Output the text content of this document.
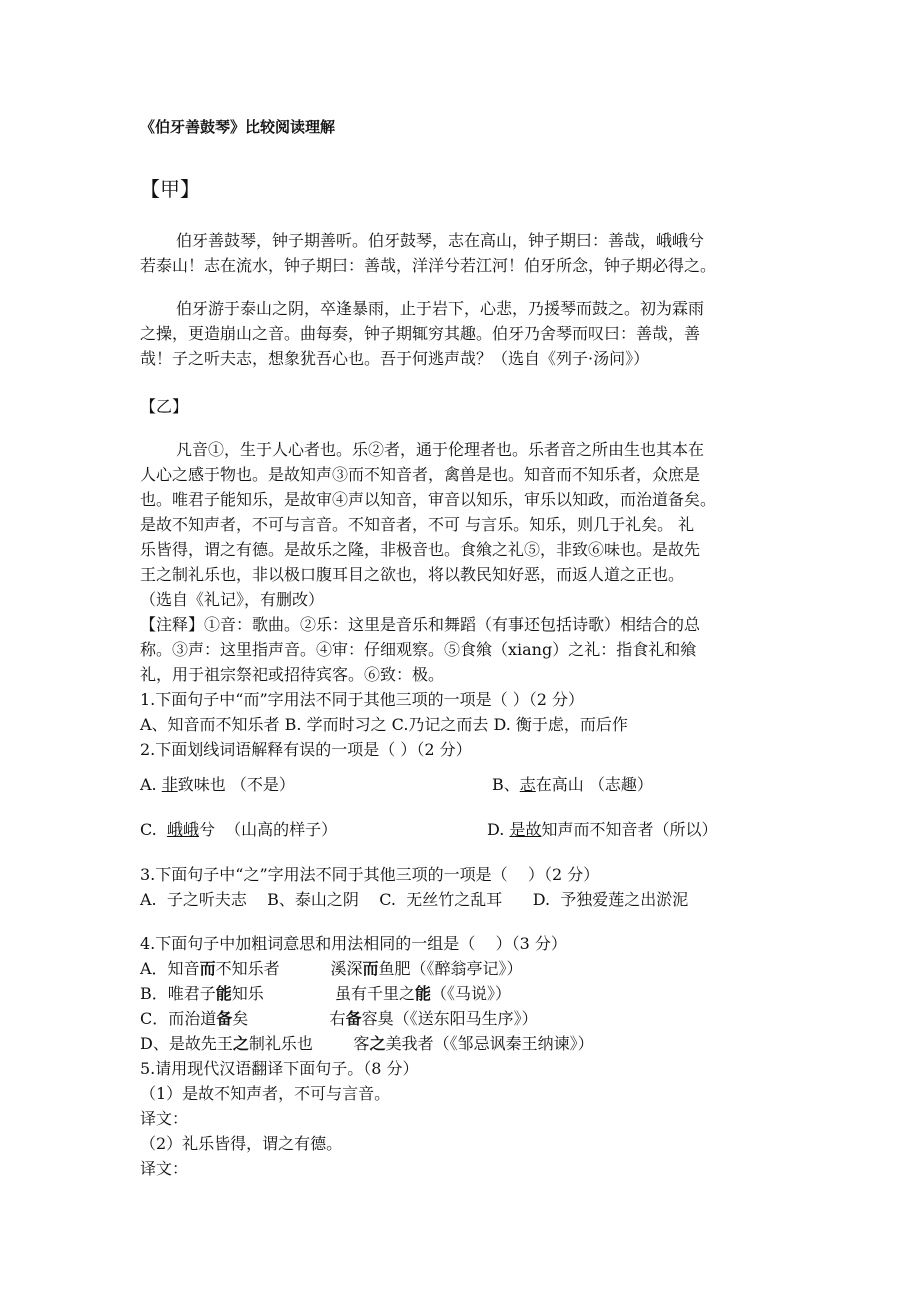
《伯牙善鼓琴》比较阅读理解
【甲】

伯牙善鼓琴，钟子期善听。伯牙鼓琴，志在高山，钟子期曰：善哉，峨峨兮

若泰山！志在流水，钟子期曰：善哉，洋洋兮若江河！伯牙所念，钟子期必得之。

伯牙游于泰山之阴，卒逢暴雨，止于岩下，心悲，乃援琴而鼓之。初为霖雨

之操，更造崩山之音。曲每奏，钟子期辄穷其趣。伯牙乃舍琴而叹曰：善哉，善

哉！子之听夫志，想象犹吾心也。吾于何逃声哉？（选自《列子·汤问》）

【乙】

凡音①，生于人心者也。乐②者，通于伦理者也。乐者音之所由生也其本在

人心之感于物也。是故知声③而不知音者，禽兽是也。知音而不知乐者，众庶是

也。唯君子能知乐，是故审④声以知音，审音以知乐，审乐以知政，而治道备矣。

是故不知声者，不可与言音。不知音者，不可 与言乐。知乐，则几于礼矣。 礼

乐皆得，谓之有德。是故乐之隆，非极音也。食飨之礼⑤，非致⑥味也。是故先

王之制礼乐也，非以极口腹耳目之欲也，将以教民知好恶，而返人道之正也。

（选自《礼记》，有删改）

【注释】①音：歌曲。②乐：这里是音乐和舞蹈（有事还包括诗歌）相结合的总

称。③声：这里指声音。④审：仔细观察。⑤食飨（xiang）之礼：指食礼和飨

礼，用于祖宗祭祀或招待宾客。⑥致：极。

1.下面句子中“而”字用法不同于其他三项的一项是（ ）（2 分）

A、知音而不知乐者 B. 学而时习之 C.乃记之而去 D. 衡于虑，而后作

2.下面划线词语解释有误的一项是（ ）（2 分）

A. 非致味也 （不是）	B、志在高山 （志趣）
C.  峨峨兮  （山高的样子）	D. 是故知声而不知音者（所以）

3.下面句子中“之”字用法不同于其他三项的一项是（    ）（2 分）

A.  子之听夫志    B、泰山之阴    C.  无丝竹之乱耳      D.  予独爱莲之出淤泥

4.下面句子中加粗词意思和用法相同的一组是（    ）（3 分）

A．知音而不知乐者          溪深而鱼肥（《醉翁亭记》）

B．唯君子能知乐              虽有千里之能（《马说》）

C．而治道备矣                右备容臭（《送东阳马生序》）

D、是故先王之制礼乐也        客之美我者（《邹忌讽秦王纳谏》）

5.请用现代汉语翻译下面句子。（8 分）

（1）是故不知声者，不可与言音。

译文：

（2）礼乐皆得，谓之有德。

译文：
